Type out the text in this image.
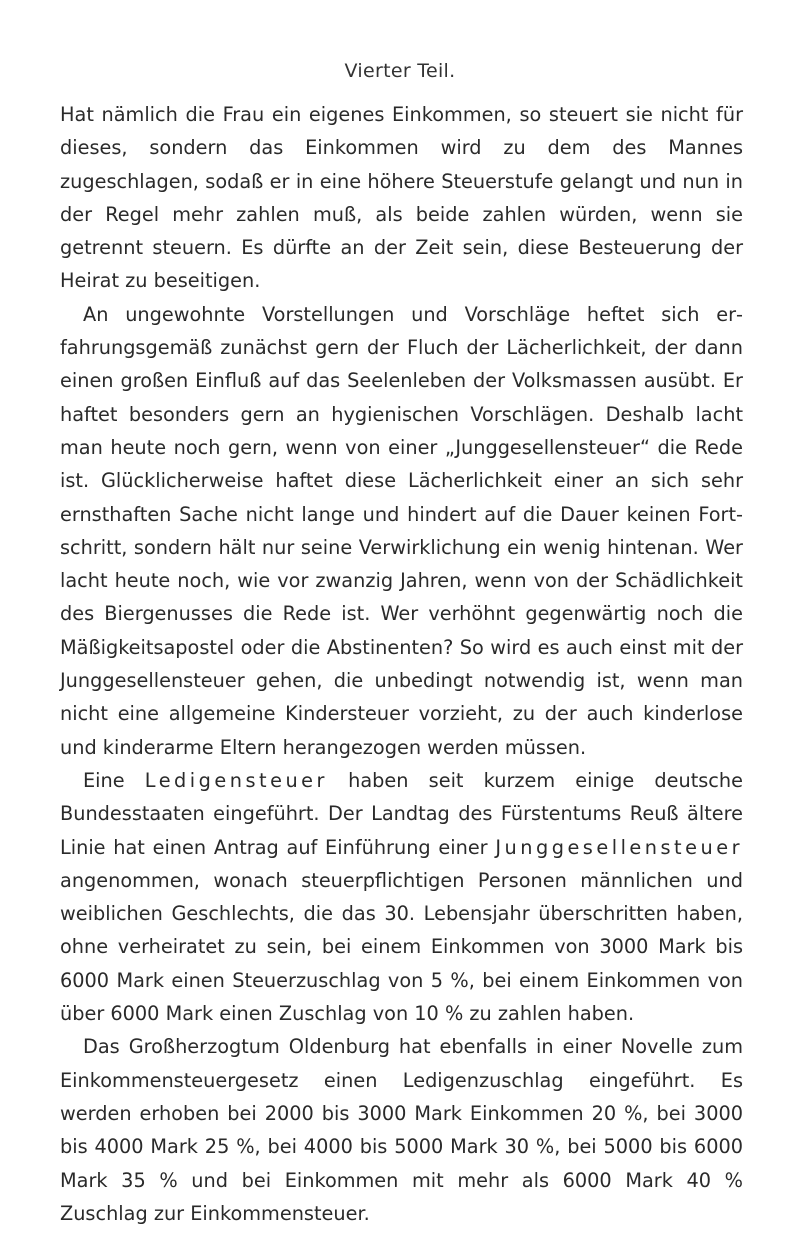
Vierter Teil.

Hat nämlich die Frau ein eigenes Einkommen, so steuert sie nicht für dieses, sondern das Einkommen wird zu dem des Mannes zugeschlagen, sodaß er in eine höhere Steuerstufe gelangt und nun in der Regel mehr zahlen muß, als beide zahlen würden, wenn sie getrennt steuern. Es dürfte an der Zeit sein, diese Besteuerung der Heirat zu beseitigen.

An ungewohnte Vorstellungen und Vorschläge heftet sich erfahrungsgemäß zunächst gern der Fluch der Lächerlichkeit, der dann einen großen Einfluß auf das Seelenleben der Volksmassen ausübt. Er haftet besonders gern an hygienischen Vorschlägen. Deshalb lacht man heute noch gern, wenn von einer „Junggesellensteuer“ die Rede ist. Glücklicherweise haftet diese Lächerlichkeit einer an sich sehr ernsthaften Sache nicht lange und hindert auf die Dauer keinen Fortschritt, sondern hält nur seine Verwirklichung ein wenig hintenan. Wer lacht heute noch, wie vor zwanzig Jahren, wenn von der Schädlichkeit des Biergenusses die Rede ist. Wer verhöhnt gegenwärtig noch die Mäßigkeitsapostel oder die Abstinenten? So wird es auch einst mit der Junggesellensteuer gehen, die unbedingt notwendig ist, wenn man nicht eine allgemeine Kindersteuer vorzieht, zu der auch kinderlose und kinderarme Eltern herangezogen werden müssen.

Eine Ledigensteuer haben seit kurzem einige deutsche Bundesstaaten eingeführt. Der Landtag des Fürstentums Reuß ältere Linie hat einen Antrag auf Einführung einer Junggesellensteuer angenommen, wonach steuerpflichtigen Personen männlichen und weiblichen Geschlechts, die das 30. Lebensjahr überschritten haben, ohne verheiratet zu sein, bei einem Einkommen von 3000 Mark bis 6000 Mark einen Steuerzuschlag von 5 %, bei einem Einkommen von über 6000 Mark einen Zuschlag von 10 % zu zahlen haben.

Das Großherzogtum Oldenburg hat ebenfalls in einer Novelle zum Einkommensteuergesetz einen Ledigenzuschlag eingeführt. Es werden erhoben bei 2000 bis 3000 Mark Einkommen 20 %, bei 3000 bis 4000 Mark 25 %, bei 4000 bis 5000 Mark 30 %, bei 5000 bis 6000 Mark 35 % und bei Einkommen mit mehr als 6000 Mark 40 % Zuschlag zur Einkommensteuer.
